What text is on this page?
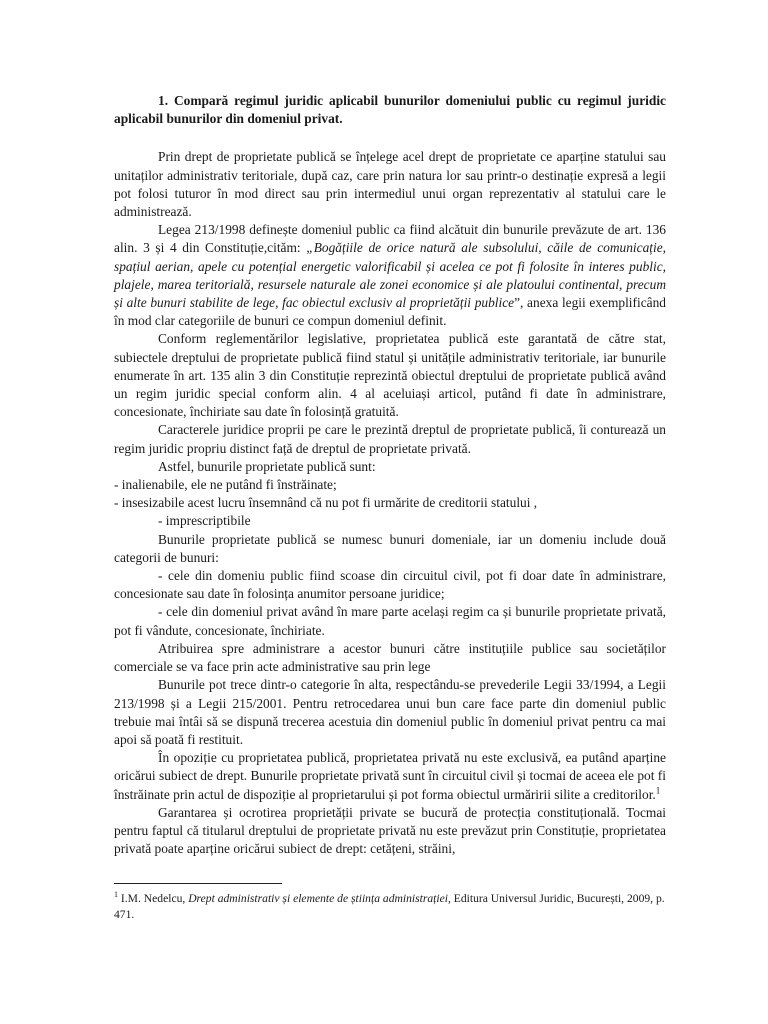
1. Compară regimul juridic aplicabil bunurilor domeniului public cu regimul juridic aplicabil bunurilor din domeniul privat.

Prin drept de proprietate publică se înțelege acel drept de proprietate ce aparține statului sau unitaților administrativ teritoriale, după caz, care prin natura lor sau printr-o destinație expresă a legii pot folosi tuturor în mod direct sau prin intermediul unui organ reprezentativ al statului care le administrează.

Legea 213/1998 definește domeniul public ca fiind alcătuit din bunurile prevăzute de art. 136 alin. 3 și 4 din Constituție,cităm: „Bogățiile de orice natură ale subsolului, căile de comunicație, spațiul aerian, apele cu potențial energetic valorificabil și acelea ce pot fi folosite în interes public, plajele, marea teritorială, resursele naturale ale zonei economice și ale platoului continental, precum și alte bunuri stabilite de lege, fac obiectul exclusiv al proprietății publice”, anexa legii exemplificând în mod clar categoriile de bunuri ce compun domeniul definit.

Conform reglementărilor legislative, proprietatea publică este garantată de către stat, subiectele dreptului de proprietate publică fiind statul și unitățile administrativ teritoriale, iar bunurile enumerate în art. 135 alin 3 din Constituție reprezintă obiectul dreptului de proprietate publică având un regim juridic special conform alin. 4 al aceluiași articol, putând fi date în administrare, concesionate, închiriate sau date în folosință gratuită.

Caracterele juridice proprii pe care le prezintă dreptul de proprietate publică, îi conturează un regim juridic propriu distinct față de dreptul de proprietate privată.

Astfel, bunurile proprietate publică sunt:

- inalienabile, ele ne putând fi înstrăinate;

- insesizabile acest lucru însemnând că nu pot fi urmărite de creditorii statului ,

- imprescriptibile

Bunurile proprietate publică se numesc bunuri domeniale, iar un domeniu include două categorii de bunuri:

- cele din domeniu public fiind scoase din circuitul civil, pot fi doar date în administrare, concesionate sau date în folosința anumitor persoane juridice;

- cele din domeniul privat având în mare parte același regim ca și bunurile proprietate privată, pot fi vândute, concesionate, închiriate.

Atribuirea spre administrare a acestor bunuri către instituțiile publice sau societăților comerciale se va face prin acte administrative sau prin lege

Bunurile pot trece dintr-o categorie în alta, respectându-se prevederile Legii 33/1994, a Legii 213/1998 și a Legii 215/2001. Pentru retrocedarea unui bun care face parte din domeniul public trebuie mai întâi să se dispună trecerea acestuia din domeniul public în domeniul privat pentru ca mai apoi să poată fi restituit.

În opoziție cu proprietatea publică, proprietatea privată nu este exclusivă, ea putând aparține oricărui subiect de drept. Bunurile proprietate privată sunt în circuitul civil și tocmai de aceea ele pot fi înstrăinate prin actul de dispoziție al proprietarului și pot forma obiectul urmăririi silite a creditorilor.$^1$

Garantarea și ocrotirea proprietății private se bucură de protecția constituțională. Tocmai pentru faptul că titularul dreptului de proprietate privată nu este prevăzut prin Constituție, proprietatea privată poate aparține oricărui subiect de drept: cetățeni, străini,

$^1$ I.M. Nedelcu, Drept administrativ și elemente de știința administrației, Editura Universul Juridic, București, 2009, p. 471.
